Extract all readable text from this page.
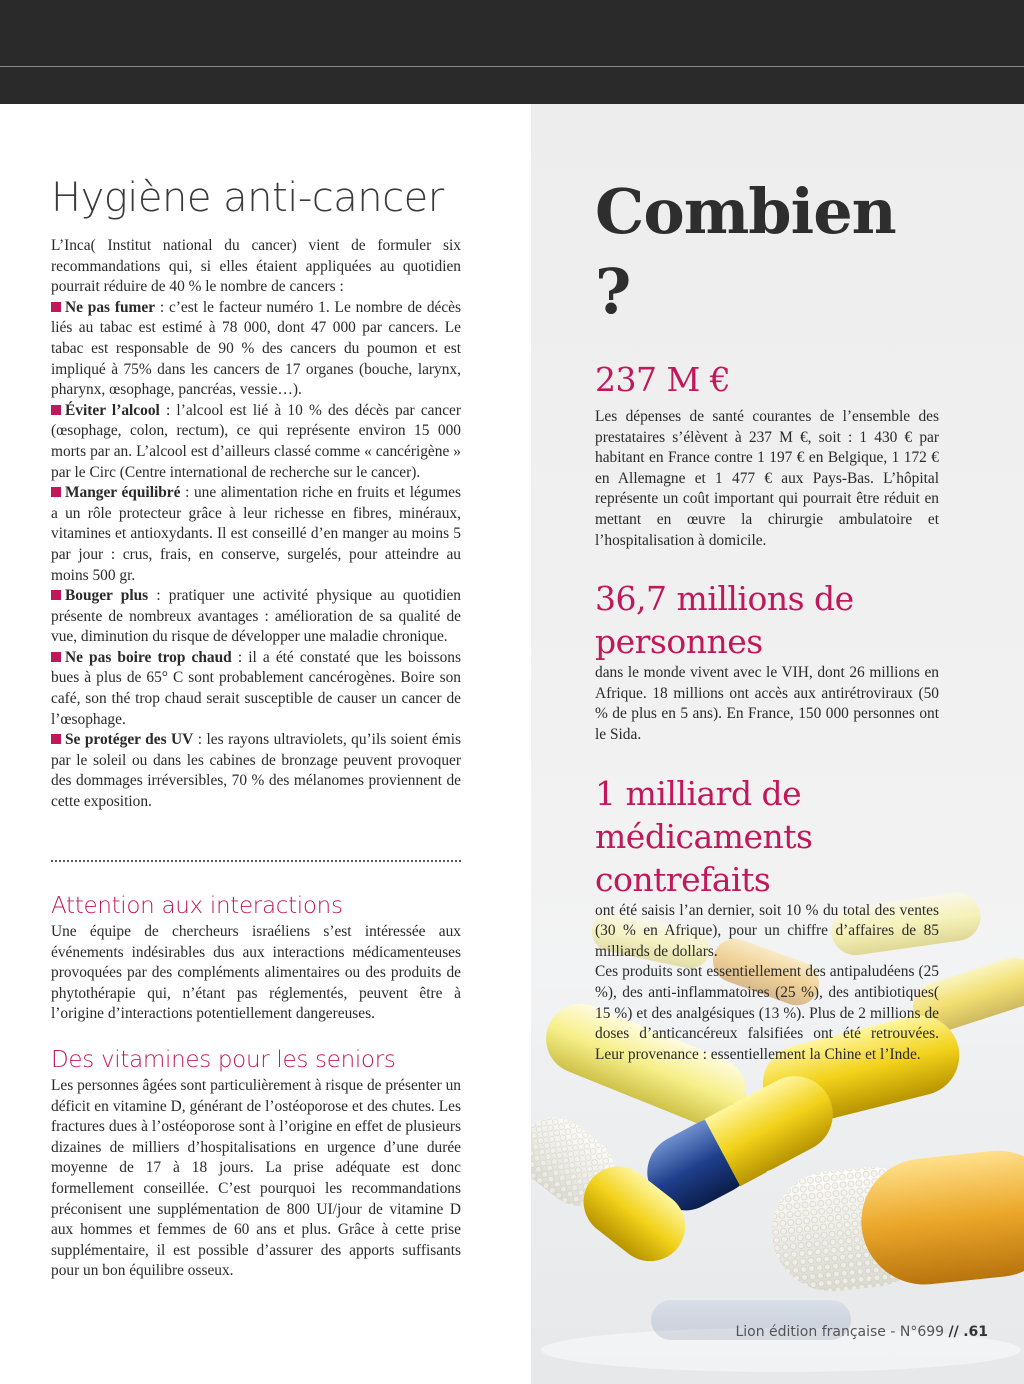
Hygiène anti-cancer

L’Inca( Institut national du cancer) vient de formuler six recommandations qui, si elles étaient appliquées au quotidien pourrait réduire de 40 % le nombre de cancers :

Ne pas fumer : c’est le facteur numéro 1. Le nombre de décès liés au tabac est estimé à 78 000, dont 47 000 par cancers. Le tabac est responsable de 90 % des cancers du poumon et est impliqué à 75% dans les cancers de 17 organes (bouche, larynx, pharynx, œsophage, pancréas, vessie…).

Éviter l’alcool : l’alcool est lié à 10 % des décès par cancer (œsophage, colon, rectum), ce qui représente environ 15 000 morts par an. L’alcool est d’ailleurs classé comme « cancérigène » par le Circ (Centre international de recherche sur le cancer).

Manger équilibré : une alimentation riche en fruits et légumes a un rôle protecteur grâce à leur richesse en fibres, minéraux, vitamines et antioxydants. Il est conseillé d’en manger au moins 5 par jour : crus, frais, en conserve, surgelés, pour atteindre au moins 500 gr.

Bouger plus : pratiquer une activité physique au quotidien présente de nombreux avantages : amélioration de sa qualité de vue, diminution du risque de développer une maladie chronique.

Ne pas boire trop chaud : il a été constaté que les boissons bues à plus de 65° C sont probablement cancérogènes. Boire son café, son thé trop chaud serait susceptible de causer un cancer de l’œsophage.

Se protéger des UV : les rayons ultraviolets, qu’ils soient émis par le soleil ou dans les cabines de bronzage peuvent provoquer des dommages irréversibles, 70 % des mélanomes proviennent de cette exposition.

Attention aux interactions

Une équipe de chercheurs israéliens s’est intéressée aux événements indésirables dus aux interactions médicamenteuses provoquées par des compléments alimentaires ou des produits de phytothérapie qui, n’étant pas réglementés, peuvent être à l’origine d’interactions potentiellement dangereuses.

Des vitamines pour les seniors

Les personnes âgées sont particulièrement à risque de présenter un déficit en vitamine D, générant de l’ostéoporose et des chutes. Les fractures dues à l’ostéoporose sont à l’origine en effet de plusieurs dizaines de milliers d’hospitalisations en urgence d’une durée moyenne de 17 à 18 jours. La prise adéquate est donc formellement conseillée. C’est pourquoi les recommandations préconisent une supplémentation de 800 UI/jour de vitamine D aux hommes et femmes de 60 ans et plus. Grâce à cette prise supplémentaire, il est possible d’assurer des apports suffisants pour un bon équilibre osseux.

Combien ?
237 M €

Les dépenses de santé courantes de l’ensemble des prestataires s’élèvent à 237 M €, soit : 1 430 € par habitant en France contre 1 197 € en Belgique, 1 172 € en Allemagne et 1 477 € aux Pays-Bas. L’hôpital représente un coût important qui pourrait être réduit en mettant en œuvre la chirurgie ambulatoire et l’hospitalisation à domicile.

36,7 millions de personnes

dans le monde vivent avec le VIH, dont 26 millions en Afrique. 18 millions ont accès aux antirétroviraux (50 % de plus en 5 ans). En France, 150 000 personnes ont le Sida.

1 milliard de médicaments contrefaits

ont été saisis l’an dernier, soit 10 % du total des ventes (30 % en Afrique), pour un chiffre d’affaires de 85 milliards de dollars.

Ces produits sont essentiellement des antipaludéens (25 %), des anti-inflammatoires (25 %), des antibiotiques( 15 %) et des analgésiques (13 %). Plus de 2 millions de doses d’anticancéreux falsifiées ont été retrouvées. Leur provenance : essentiellement la Chine et l’Inde.

Lion édition française - N°699 // .61
